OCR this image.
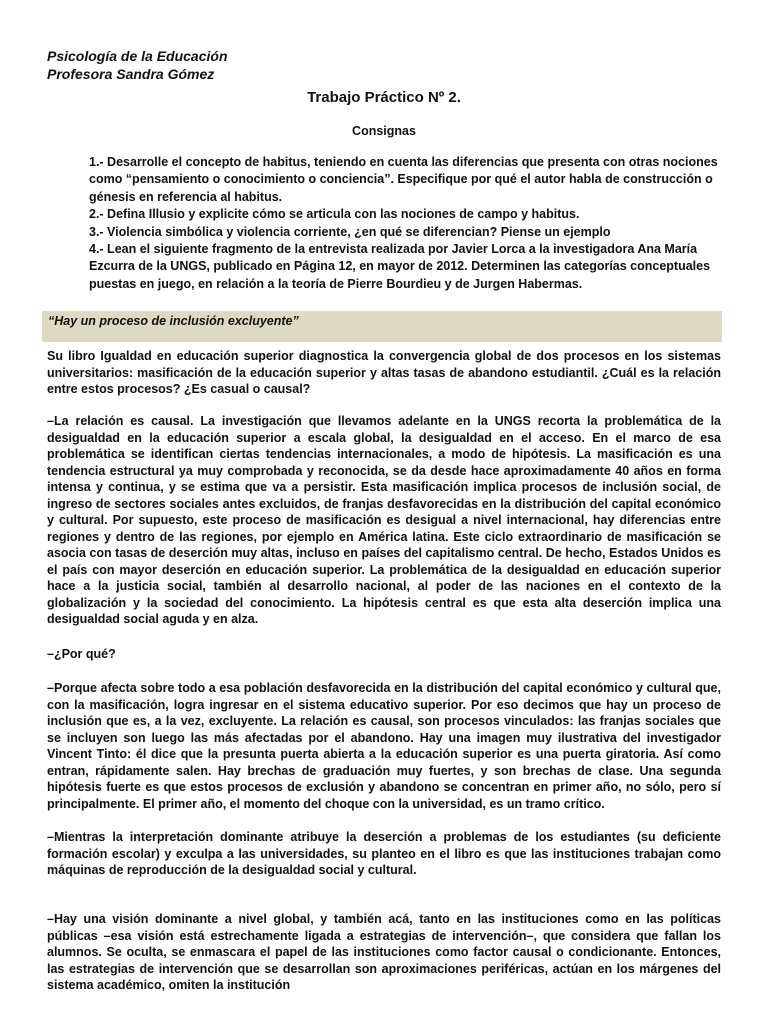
Psicología de la Educación
Profesora Sandra Gómez
Trabajo Práctico Nº 2.
Consignas

1.- Desarrolle el concepto de habitus, teniendo en cuenta las diferencias que presenta con otras nociones como “pensamiento o conocimiento o conciencia”. Especifique por qué el autor habla de construcción o génesis en referencia al habitus.

2.- Defina Illusio y explicite cómo se articula con las nociones de campo y habitus.

3.- Violencia simbólica y violencia corriente, ¿en qué se diferencian? Piense un ejemplo

4.- Lean el siguiente fragmento de la entrevista realizada por Javier Lorca a la investigadora Ana María Ezcurra de la UNGS, publicado en Página 12, en mayor de 2012. Determinen las categorías conceptuales puestas en juego, en relación a la teoría de Pierre Bourdieu y de Jurgen Habermas.

“Hay un proceso de inclusión excluyente”

Su libro Igualdad en educación superior diagnostica la convergencia global de dos procesos en los sistemas universitarios: masificación de la educación superior y altas tasas de abandono estudiantil. ¿Cuál es la relación entre estos procesos? ¿Es casual o causal?

–La relación es causal. La investigación que llevamos adelante en la UNGS recorta la problemática de la desigualdad en la educación superior a escala global, la desigualdad en el acceso. En el marco de esa problemática se identifican ciertas tendencias internacionales, a modo de hipótesis. La masificación es una tendencia estructural ya muy comprobada y reconocida, se da desde hace aproximadamente 40 años en forma intensa y continua, y se estima que va a persistir. Esta masificación implica procesos de inclusión social, de ingreso de sectores sociales antes excluidos, de franjas desfavorecidas en la distribución del capital económico y cultural. Por supuesto, este proceso de masificación es desigual a nivel internacional, hay diferencias entre regiones y dentro de las regiones, por ejemplo en América latina. Este ciclo extraordinario de masificación se asocia con tasas de deserción muy altas, incluso en países del capitalismo central. De hecho, Estados Unidos es el país con mayor deserción en educación superior. La problemática de la desigualdad en educación superior hace a la justicia social, también al desarrollo nacional, al poder de las naciones en el contexto de la globalización y la sociedad del conocimiento. La hipótesis central es que esta alta deserción implica una desigualdad social aguda y en alza.

–¿Por qué?

–Porque afecta sobre todo a esa población desfavorecida en la distribución del capital económico y cultural que, con la masificación, logra ingresar en el sistema educativo superior. Por eso decimos que hay un proceso de inclusión que es, a la vez, excluyente. La relación es causal, son procesos vinculados: las franjas sociales que se incluyen son luego las más afectadas por el abandono. Hay una imagen muy ilustrativa del investigador Vincent Tinto: él dice que la presunta puerta abierta a la educación superior es una puerta giratoria. Así como entran, rápidamente salen. Hay brechas de graduación muy fuertes, y son brechas de clase. Una segunda hipótesis fuerte es que estos procesos de exclusión y abandono se concentran en primer año, no sólo, pero sí principalmente. El primer año, el momento del choque con la universidad, es un tramo crítico.

–Mientras la interpretación dominante atribuye la deserción a problemas de los estudiantes (su deficiente formación escolar) y exculpa a las universidades, su planteo en el libro es que las instituciones trabajan como máquinas de reproducción de la desigualdad social y cultural.

–Hay una visión dominante a nivel global, y también acá, tanto en las instituciones como en las políticas públicas –esa visión está estrechamente ligada a estrategias de intervención–, que considera que fallan los alumnos. Se oculta, se enmascara el papel de las instituciones como factor causal o condicionante. Entonces, las estrategias de intervención que se desarrollan son aproximaciones periféricas, actúan en los márgenes del sistema académico, omiten la institución
